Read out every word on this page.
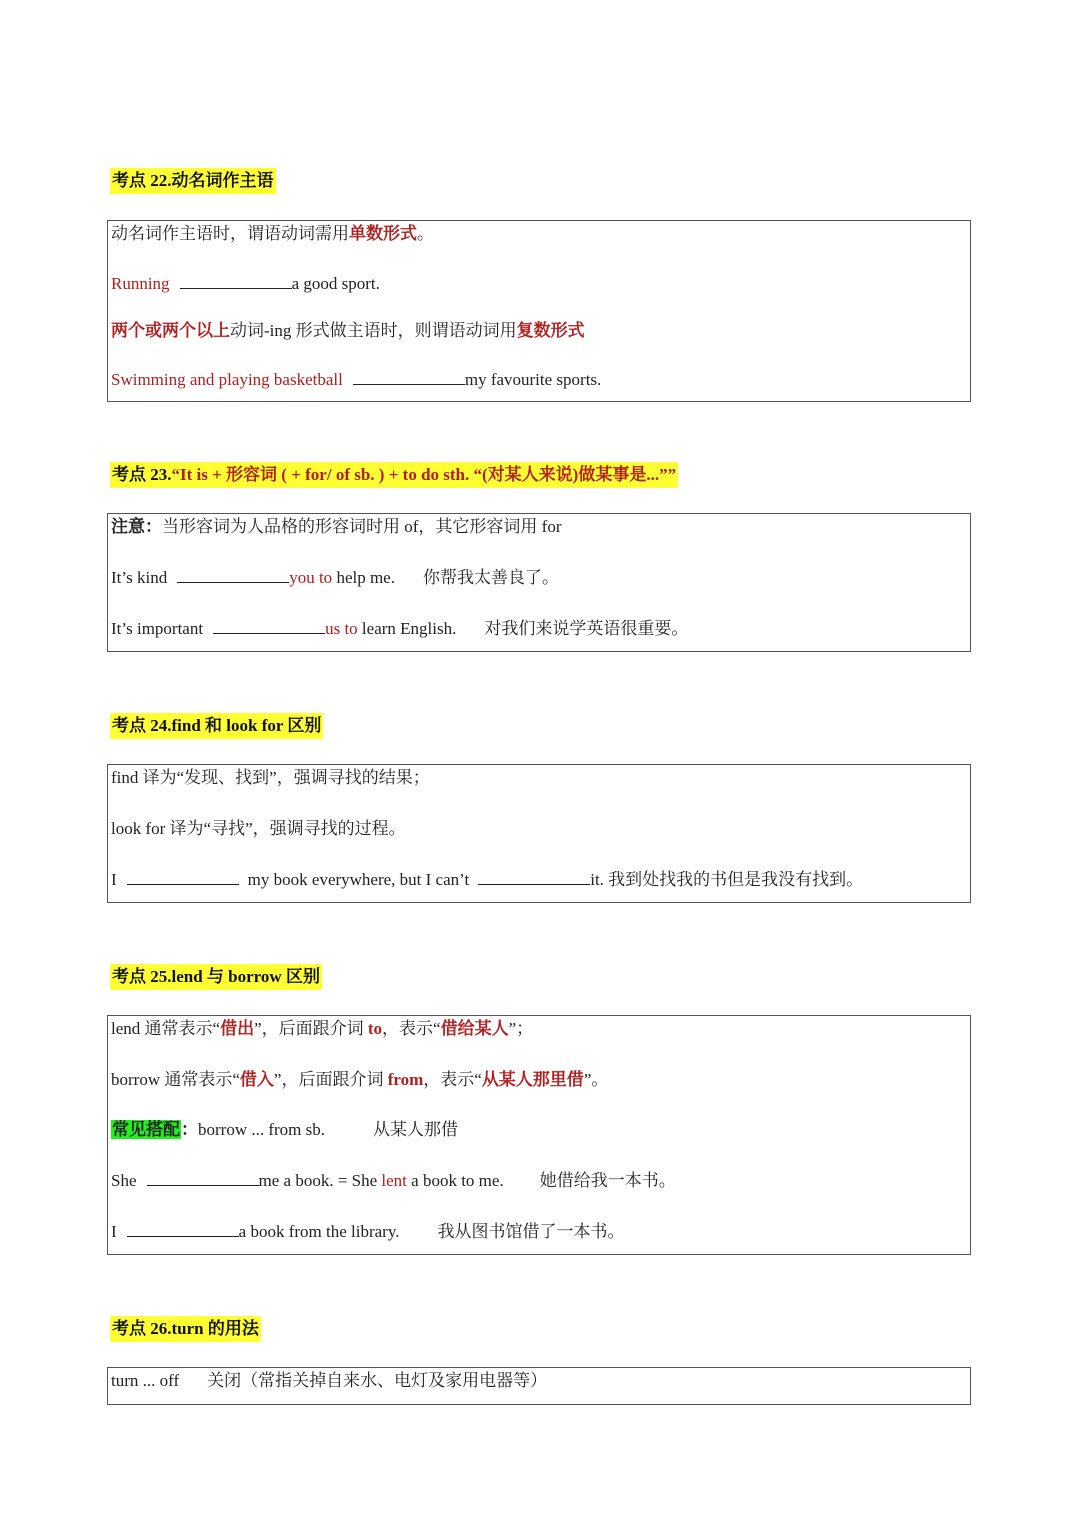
考点 22.动名词作主语
动名词作主语时，谓语动词需用单数形式。
Running	a good sport.
两个或两个以上动词-ing 形式做主语时，则谓语动词用复数形式
Swimming and playing basketball	my favourite sports.
考点 23.“It is + 形容词 ( + for/ of sb. ) + to do sth. “(对某人来说)做某事是...””
注意：当形容词为人品格的形容词时用 of，其它形容词用 for
It’s kind	you to help me. 你帮我太善良了。
It’s important	us to learn English. 对我们来说学英语很重要。
考点 24.find 和 look for 区别
find 译为“发现、找到”，强调寻找的结果；
look for 译为“寻找”，强调寻找的过程。
I	my book everywhere, but I can’t	it. 我到处找我的书但是我没有找到。
考点 25.lend 与 borrow 区别
lend 通常表示“借出”，后面跟介词 to，表示“借给某人”；
borrow 通常表示“借入”，后面跟介词 from，表示“从某人那里借”。
常见搭配：borrow ... from sb.	从某人那借
She	me a book. = She lent a book to me. 她借给我一本书。
I	a book from the library. 我从图书馆借了一本书。
考点 26.turn 的用法
turn ... off 关闭（常指关掉自来水、电灯及家用电器等）
